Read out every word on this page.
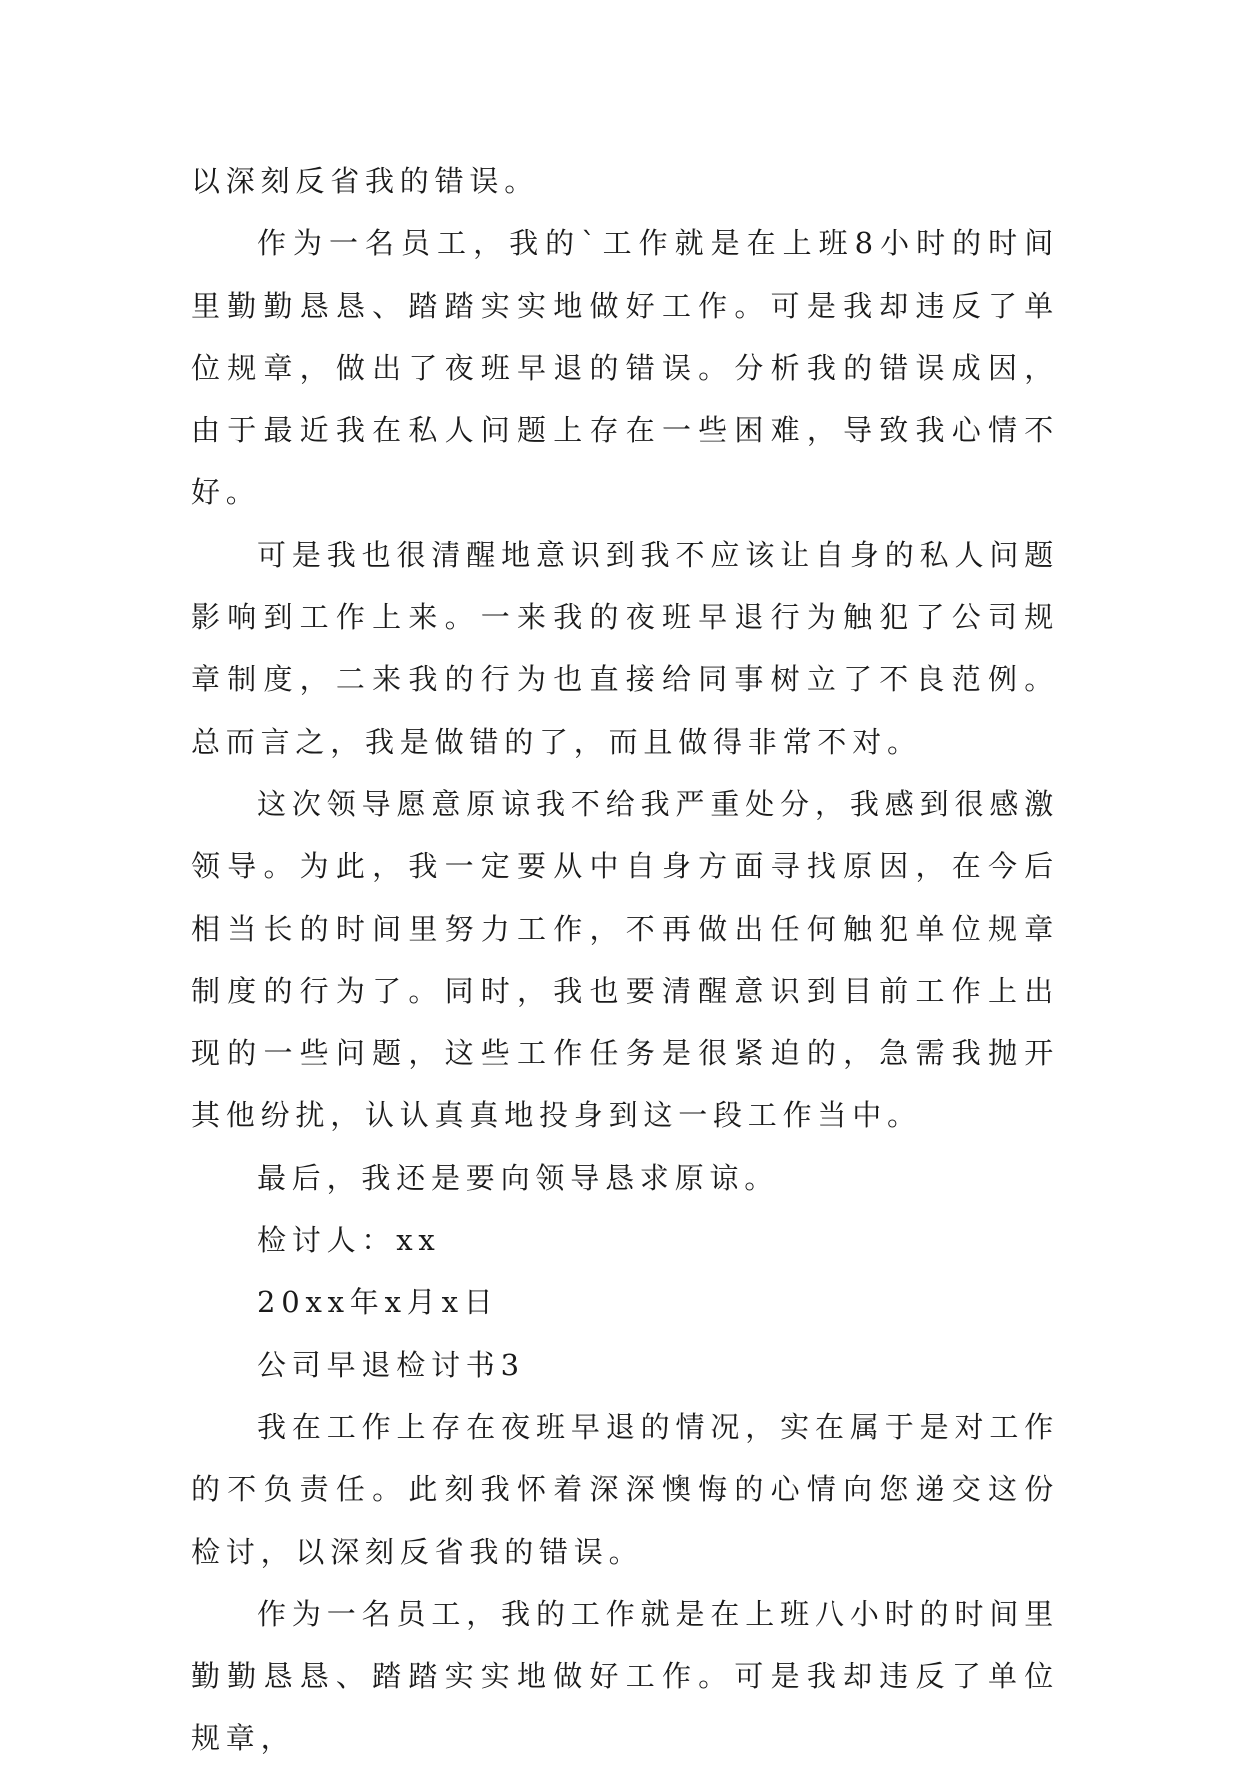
以深刻反省我的错误。

作为一名员工，我的`工作就是在上班8小时的时间里勤勤恳恳、踏踏实实地做好工作。可是我却违反了单位规章，做出了夜班早退的错误。分析我的错误成因，由于最近我在私人问题上存在一些困难，导致我心情不好。

可是我也很清醒地意识到我不应该让自身的私人问题影响到工作上来。一来我的夜班早退行为触犯了公司规章制度，二来我的行为也直接给同事树立了不良范例。总而言之，我是做错的了，而且做得非常不对。

这次领导愿意原谅我不给我严重处分，我感到很感激领导。为此，我一定要从中自身方面寻找原因，在今后相当长的时间里努力工作，不再做出任何触犯单位规章制度的行为了。同时，我也要清醒意识到目前工作上出现的一些问题，这些工作任务是很紧迫的，急需我抛开其他纷扰，认认真真地投身到这一段工作当中。

最后，我还是要向领导恳求原谅。

检讨人：xx

20xx年x月x日

公司早退检讨书3

我在工作上存在夜班早退的情况，实在属于是对工作的不负责任。此刻我怀着深深懊悔的心情向您递交这份检讨，以深刻反省我的错误。

作为一名员工，我的工作就是在上班八小时的时间里勤勤恳恳、踏踏实实地做好工作。可是我却违反了单位规章，
